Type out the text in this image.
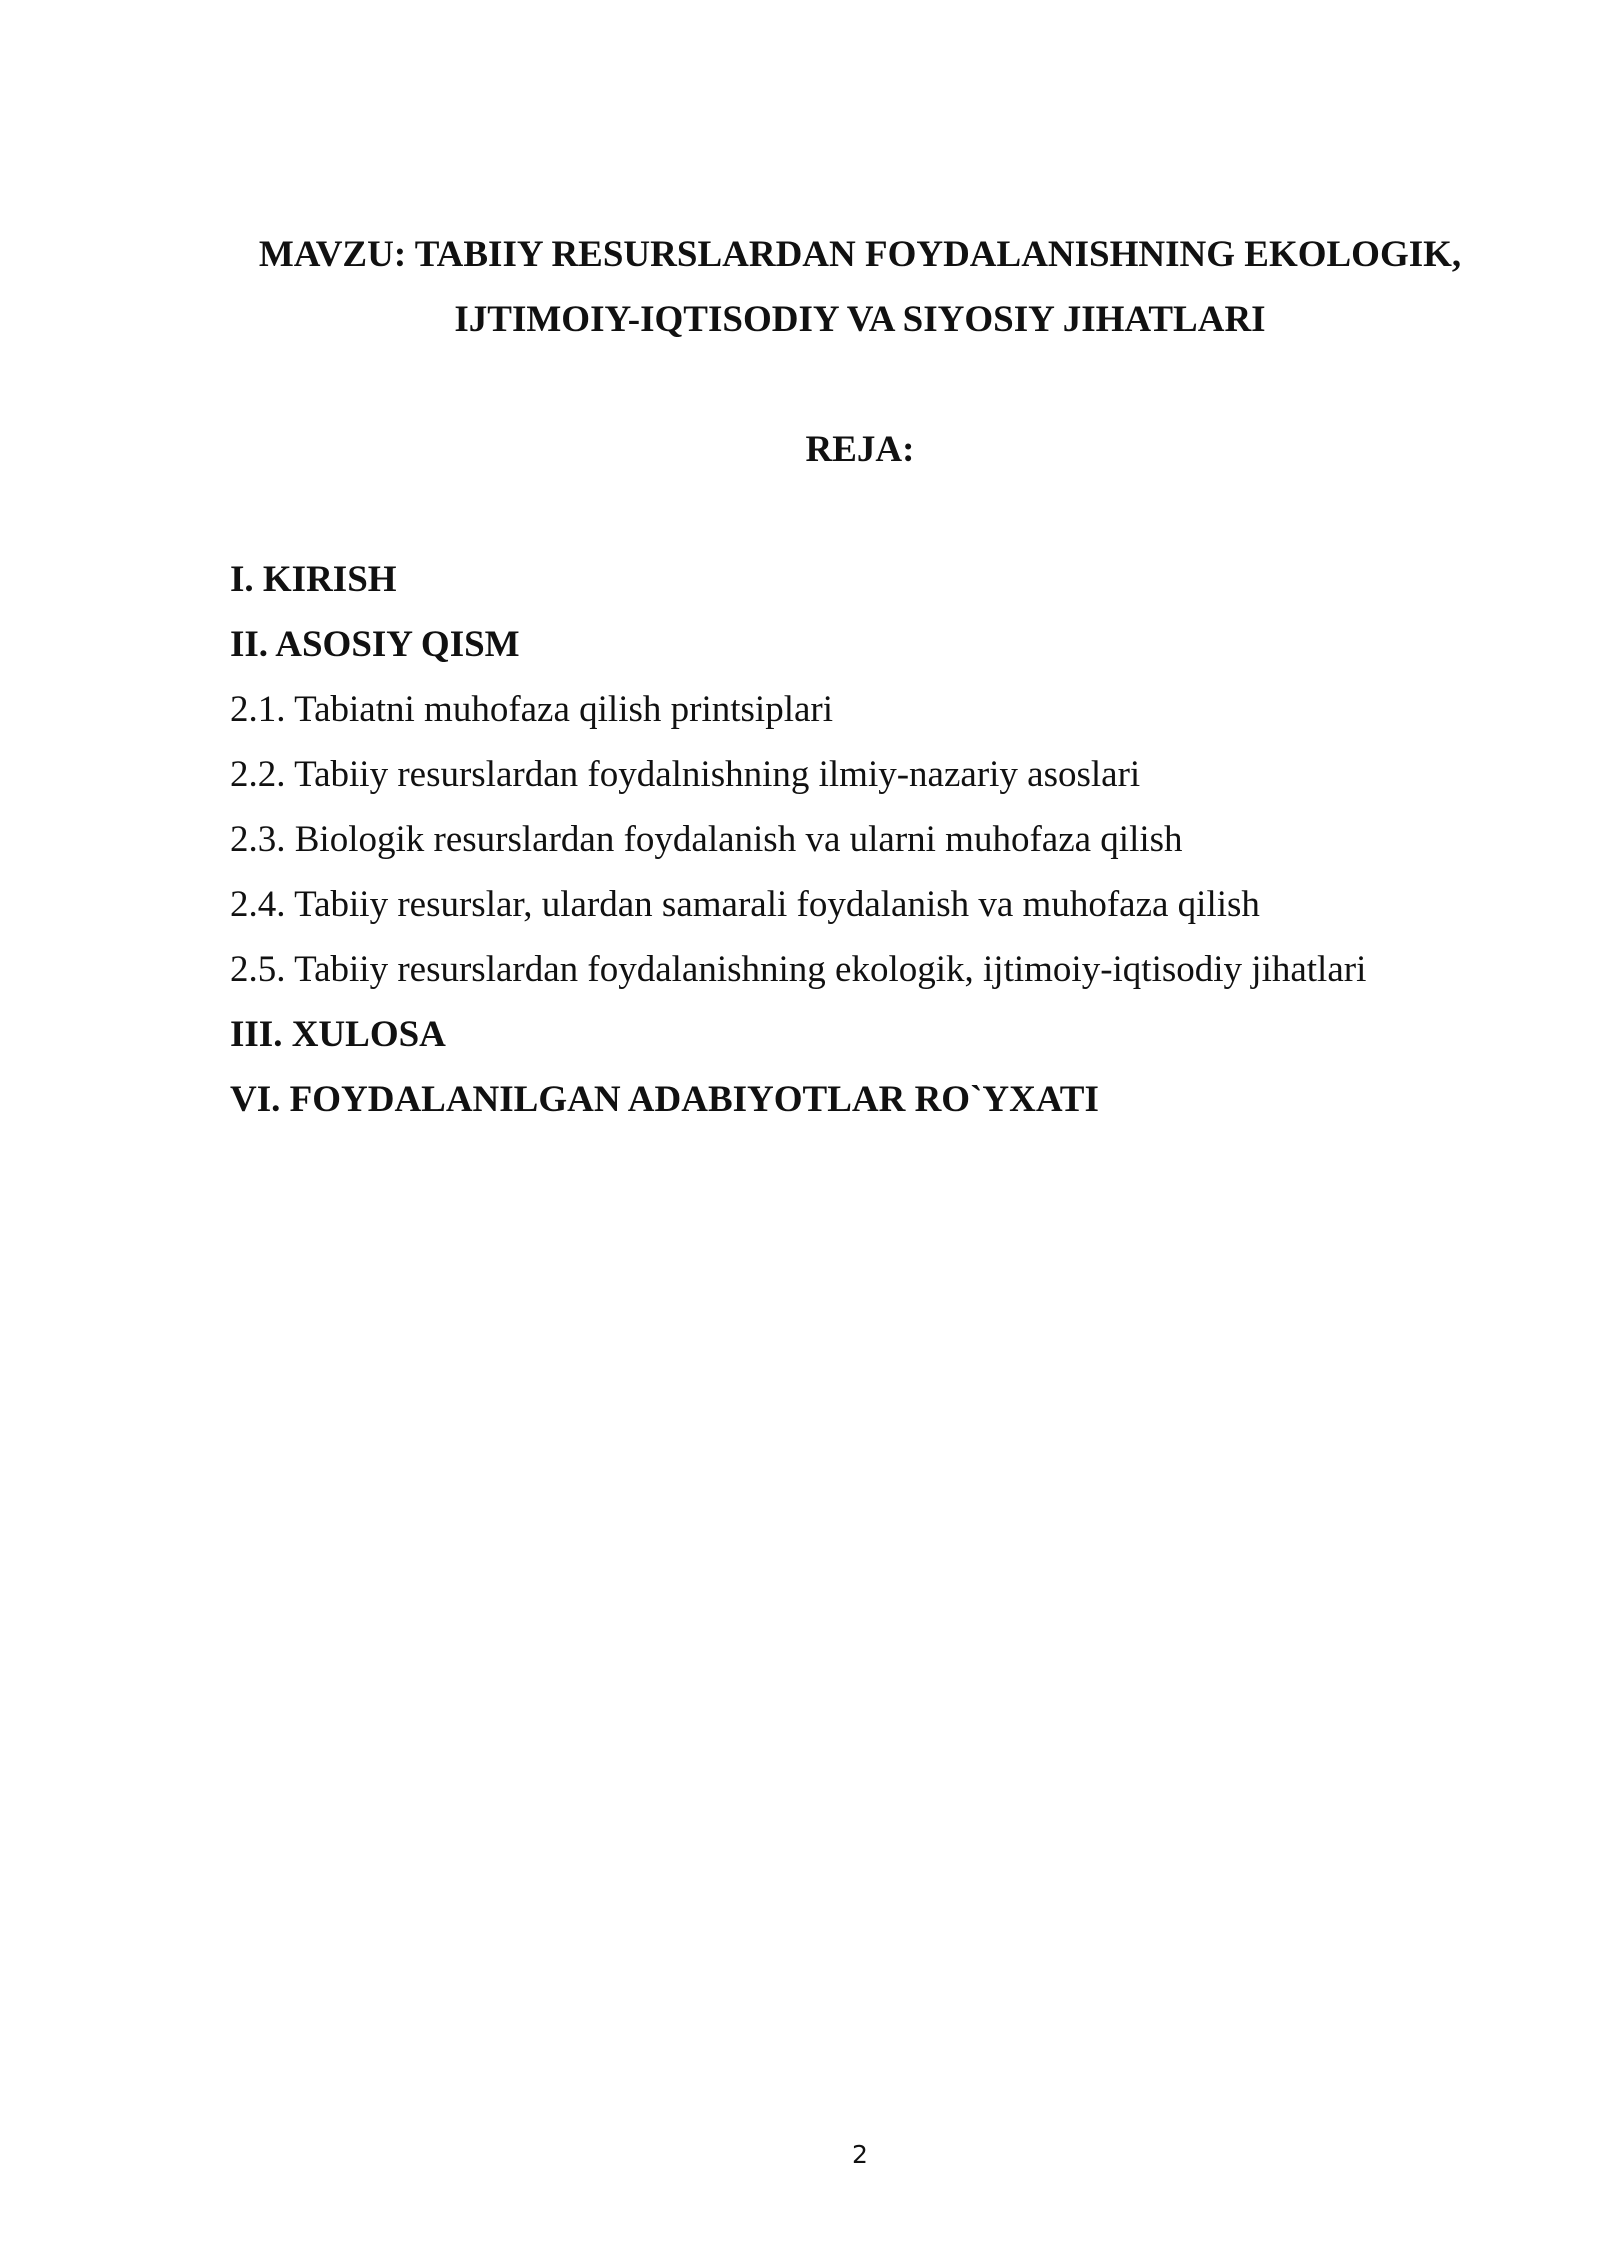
MAVZU: TABIIY RESURSLARDAN FOYDALANISHNING EKOLOGIK,
IJTIMOIY-IQTISODIY VA SIYOSIY JIHATLARI
REJA:
I. KIRISH
II. ASOSIY QISM
2.1. Tabiatni muhofaza qilish printsiplari
2.2. Tabiiy resurslardan foydalnishning ilmiy-nazariy asoslari
2.3. Biologik resurslardan foydalanish va ularni muhofaza qilish
2.4. Tabiiy resurslar, ulardan samarali foydalanish va muhofaza qilish
2.5. Tabiiy resurslardan foydalanishning ekologik, ijtimoiy-iqtisodiy jihatlari
III. XULOSA
VI. FOYDALANILGAN ADABIYOTLAR RO`YXATI
2
